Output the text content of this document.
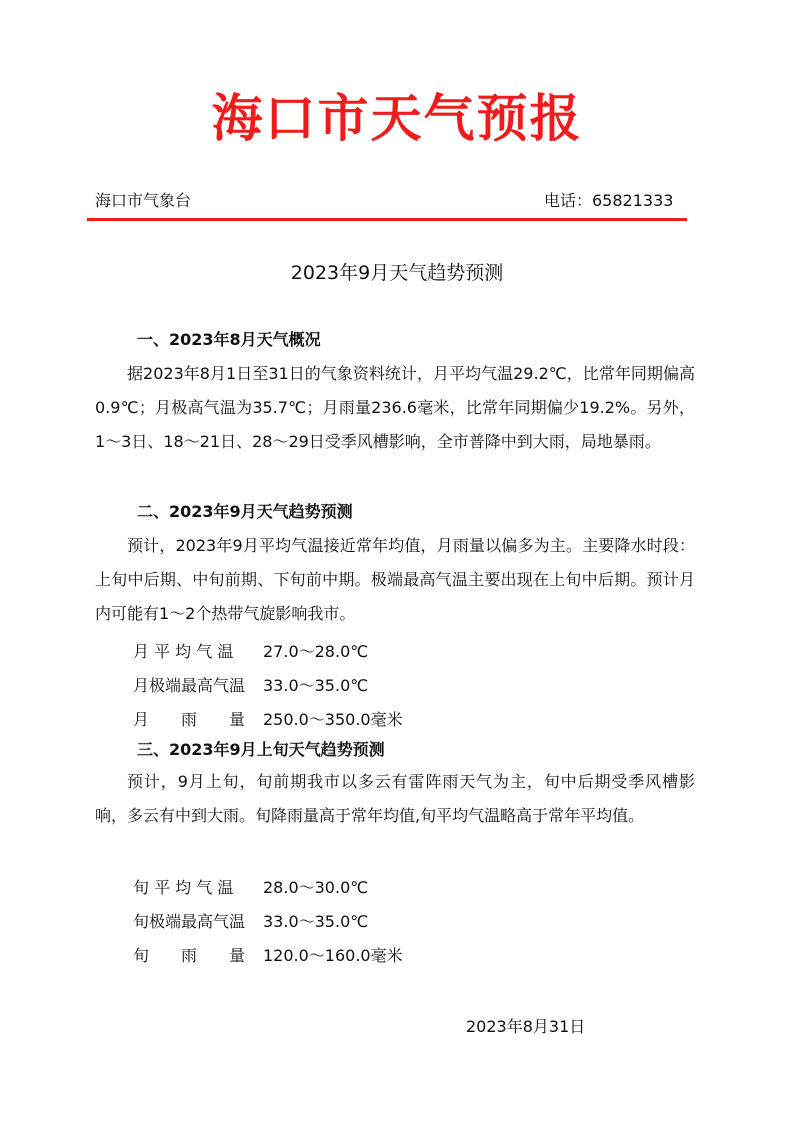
海口市天气预报
海口市气象台	电话：65821333
2023年9月天气趋势预测
一、2023年8月天气概况

据2023年8月1日至31日的气象资料统计，月平均气温29.2℃，比常年同期偏高0.9℃；月极高气温为35.7℃；月雨量236.6毫米，比常年同期偏少19.2%。另外，1～3日、18～21日、28～29日受季风槽影响，全市普降中到大雨，局地暴雨。

二、2023年9月天气趋势预测

预计，2023年9月平均气温接近常年均值，月雨量以偏多为主。主要降水时段：上旬中后期、中旬前期、下旬前中期。极端最高气温主要出现在上旬中后期。预计月内可能有1～2个热带气旋影响我市。

月 平 均 气 温 27.0～28.0℃
月极端最高气温 33.0～35.0℃
月　　雨　　量 250.0～350.0毫米
三、2023年9月上旬天气趋势预测

预计，9月上旬，旬前期我市以多云有雷阵雨天气为主，旬中后期受季风槽影响，多云有中到大雨。旬降雨量高于常年均值,旬平均气温略高于常年平均值。

旬 平 均 气 温 28.0～30.0℃
旬极端最高气温 33.0～35.0℃
旬　　雨　　量 120.0～160.0毫米
2023年8月31日
